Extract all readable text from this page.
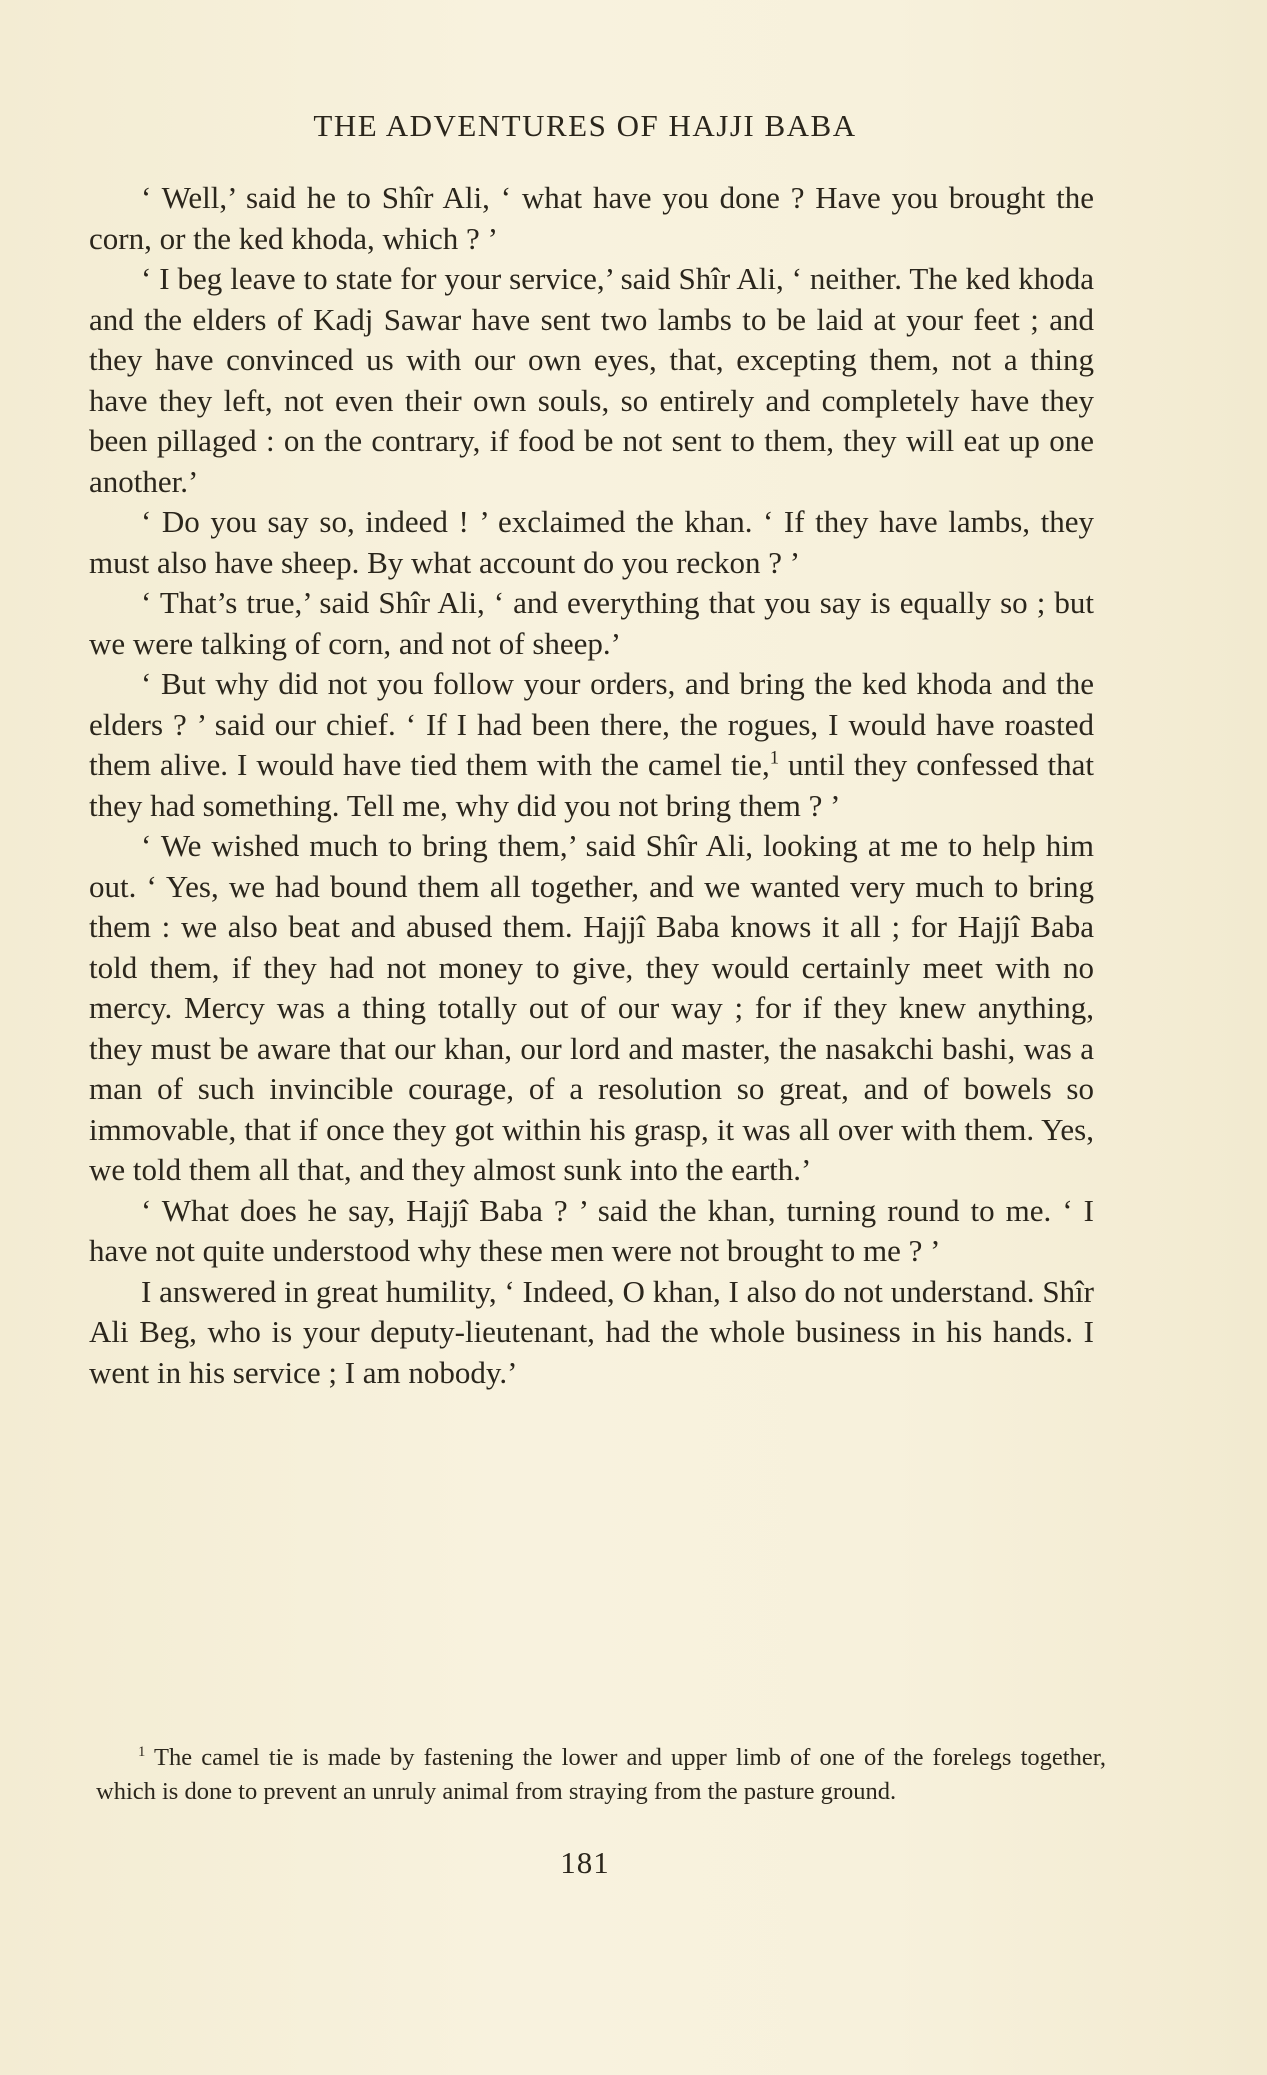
THE ADVENTURES OF HAJJI BABA

‘ Well,’ said he to Shîr Ali, ‘ what have you done ? Have you brought the corn, or the ked khoda, which ? ’

‘ I beg leave to state for your service,’ said Shîr Ali, ‘ neither. The ked khoda and the elders of Kadj Sawar have sent two lambs to be laid at your feet ; and they have convinced us with our own eyes, that, excepting them, not a thing have they left, not even their own souls, so entirely and completely have they been pillaged : on the contrary, if food be not sent to them, they will eat up one another.’

‘ Do you say so, indeed ! ’ exclaimed the khan. ‘ If they have lambs, they must also have sheep. By what account do you reckon ? ’

‘ That’s true,’ said Shîr Ali, ‘ and everything that you say is equally so ; but we were talking of corn, and not of sheep.’

‘ But why did not you follow your orders, and bring the ked khoda and the elders ? ’ said our chief. ‘ If I had been there, the rogues, I would have roasted them alive. I would have tied them with the camel tie,$^1$ until they confessed that they had something. Tell me, why did you not bring them ? ’

‘ We wished much to bring them,’ said Shîr Ali, looking at me to help him out. ‘ Yes, we had bound them all together, and we wanted very much to bring them : we also beat and abused them. Hajjî Baba knows it all ; for Hajjî Baba told them, if they had not money to give, they would certainly meet with no mercy. Mercy was a thing totally out of our way ; for if they knew anything, they must be aware that our khan, our lord and master, the nasakchi bashi, was a man of such invincible courage, of a resolution so great, and of bowels so immovable, that if once they got within his grasp, it was all over with them. Yes, we told them all that, and they almost sunk into the earth.’

‘ What does he say, Hajjî Baba ? ’ said the khan, turning round to me. ‘ I have not quite understood why these men were not brought to me ? ’

I answered in great humility, ‘ Indeed, O khan, I also do not understand. Shîr Ali Beg, who is your deputy-lieutenant, had the whole business in his hands. I went in his service ; I am nobody.’

$^1$ The camel tie is made by fastening the lower and upper limb of one of the forelegs together, which is done to prevent an unruly animal from straying from the pasture ground.

181
